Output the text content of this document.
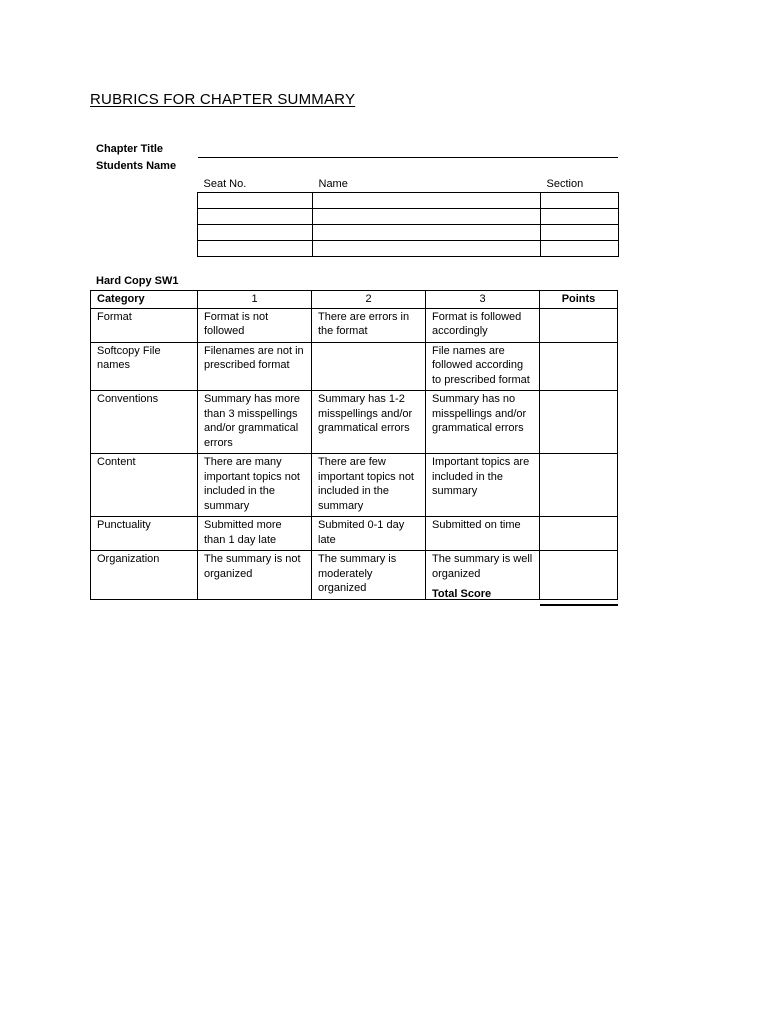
RUBRICS FOR CHAPTER SUMMARY
Chapter Title
Students Name
Seat No.	Name	Section

Hard Copy SW1
Category	1	2	3	Points
Format	Format is not followed	There are errors in the format	Format is followed accordingly	
Softcopy File names	Filenames are not in prescribed format		File names are followed according to prescribed format	
Conventions	Summary has more than 3 misspellings and/or grammatical errors	Summary has 1-2 misspellings and/or grammatical errors	Summary has no misspellings and/or grammatical errors	
Content	There are many important topics not included in the summary	There are few important topics not included in the summary	Important topics are included in the summary	
Punctuality	Submitted more than 1 day late	Submited 0-1 day late	Submitted on time	
Organization	The summary is not organized	The summary is moderately organized	The summary is well organized	
Total Score
